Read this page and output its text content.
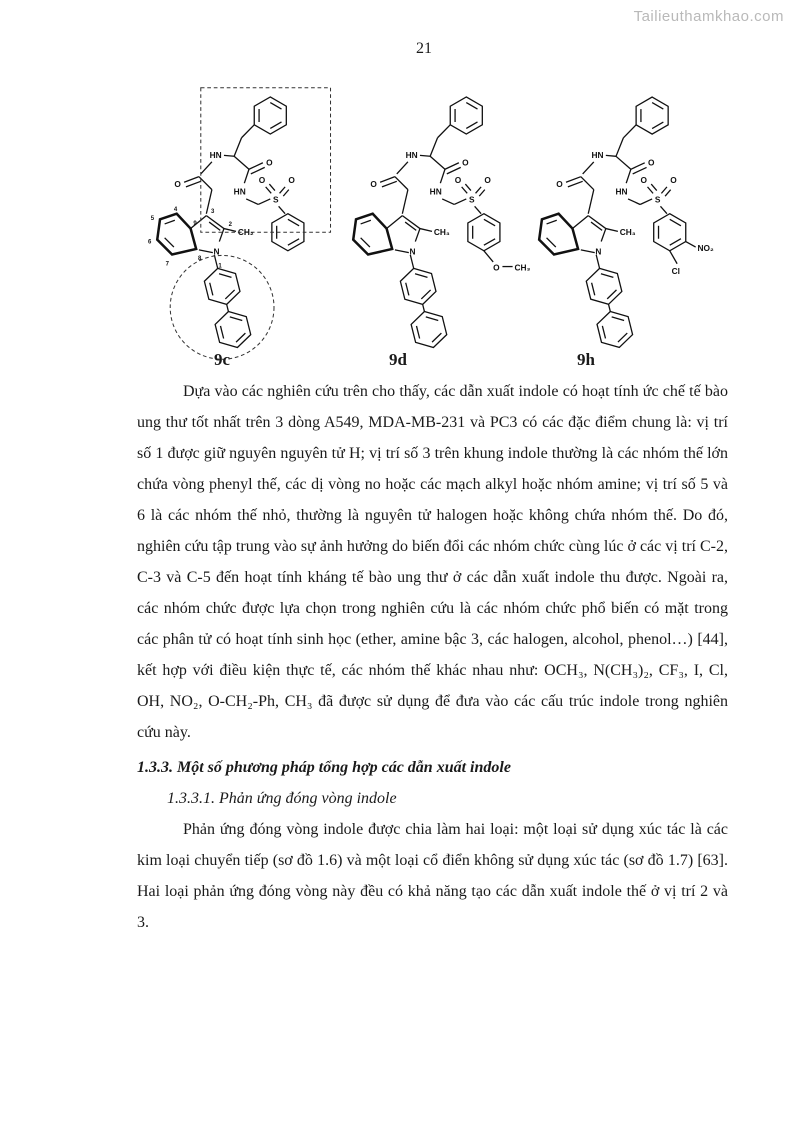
Tailieuthamkhao.com
21
HN
O
O
HN
O	O
S
N
CH₂
1
2
3
4
5
6
7
8
9
HN
O
O
HN
O	O
S
N
CH₃
O CH₃
HN
O
O
HN
O	O
S
N
CH₃
NO₂
Cl
9c	9d	9h

Dựa vào các nghiên cứu trên cho thấy, các dẫn xuất indole có hoạt tính ức chế tế bào ung thư tốt nhất trên 3 dòng A549, MDA-MB-231 và PC3 có các đặc điểm chung là: vị trí số 1 được giữ nguyên nguyên tử H; vị trí số 3 trên khung indole thường là các nhóm thế lớn chứa vòng phenyl thế, các dị vòng no hoặc các mạch alkyl hoặc nhóm amine; vị trí số 5 và 6 là các nhóm thế nhỏ, thường là nguyên tử halogen hoặc không chứa nhóm thế. Do đó, nghiên cứu tập trung vào sự ảnh hưởng do biến đổi các nhóm chức cùng lúc ở các vị trí C-2, C-3 và C-5 đến hoạt tính kháng tế bào ung thư ở các dẫn xuất indole thu được. Ngoài ra, các nhóm chức được lựa chọn trong nghiên cứu là các nhóm chức phổ biến có mặt trong các phân tử có hoạt tính sinh học (ether, amine bậc 3, các halogen, alcohol, phenol…) [44], kết hợp với điều kiện thực tế, các nhóm thế khác nhau như: OCH₃, N(CH₃)₂, CF₃, I, Cl, OH, NO₂, O-CH₂-Ph, CH₃ đã được sử dụng để đưa vào các cấu trúc indole trong nghiên cứu này.

1.3.3. Một số phương pháp tổng hợp các dẫn xuất indole
1.3.3.1. Phản ứng đóng vòng indole

Phản ứng đóng vòng indole được chia làm hai loại: một loại sử dụng xúc tác là các kim loại chuyển tiếp (sơ đồ 1.6) và một loại cổ điển không sử dụng xúc tác (sơ đồ 1.7) [63]. Hai loại phản ứng đóng vòng này đều có khả năng tạo các dẫn xuất indole thế ở vị trí 2 và 3.
